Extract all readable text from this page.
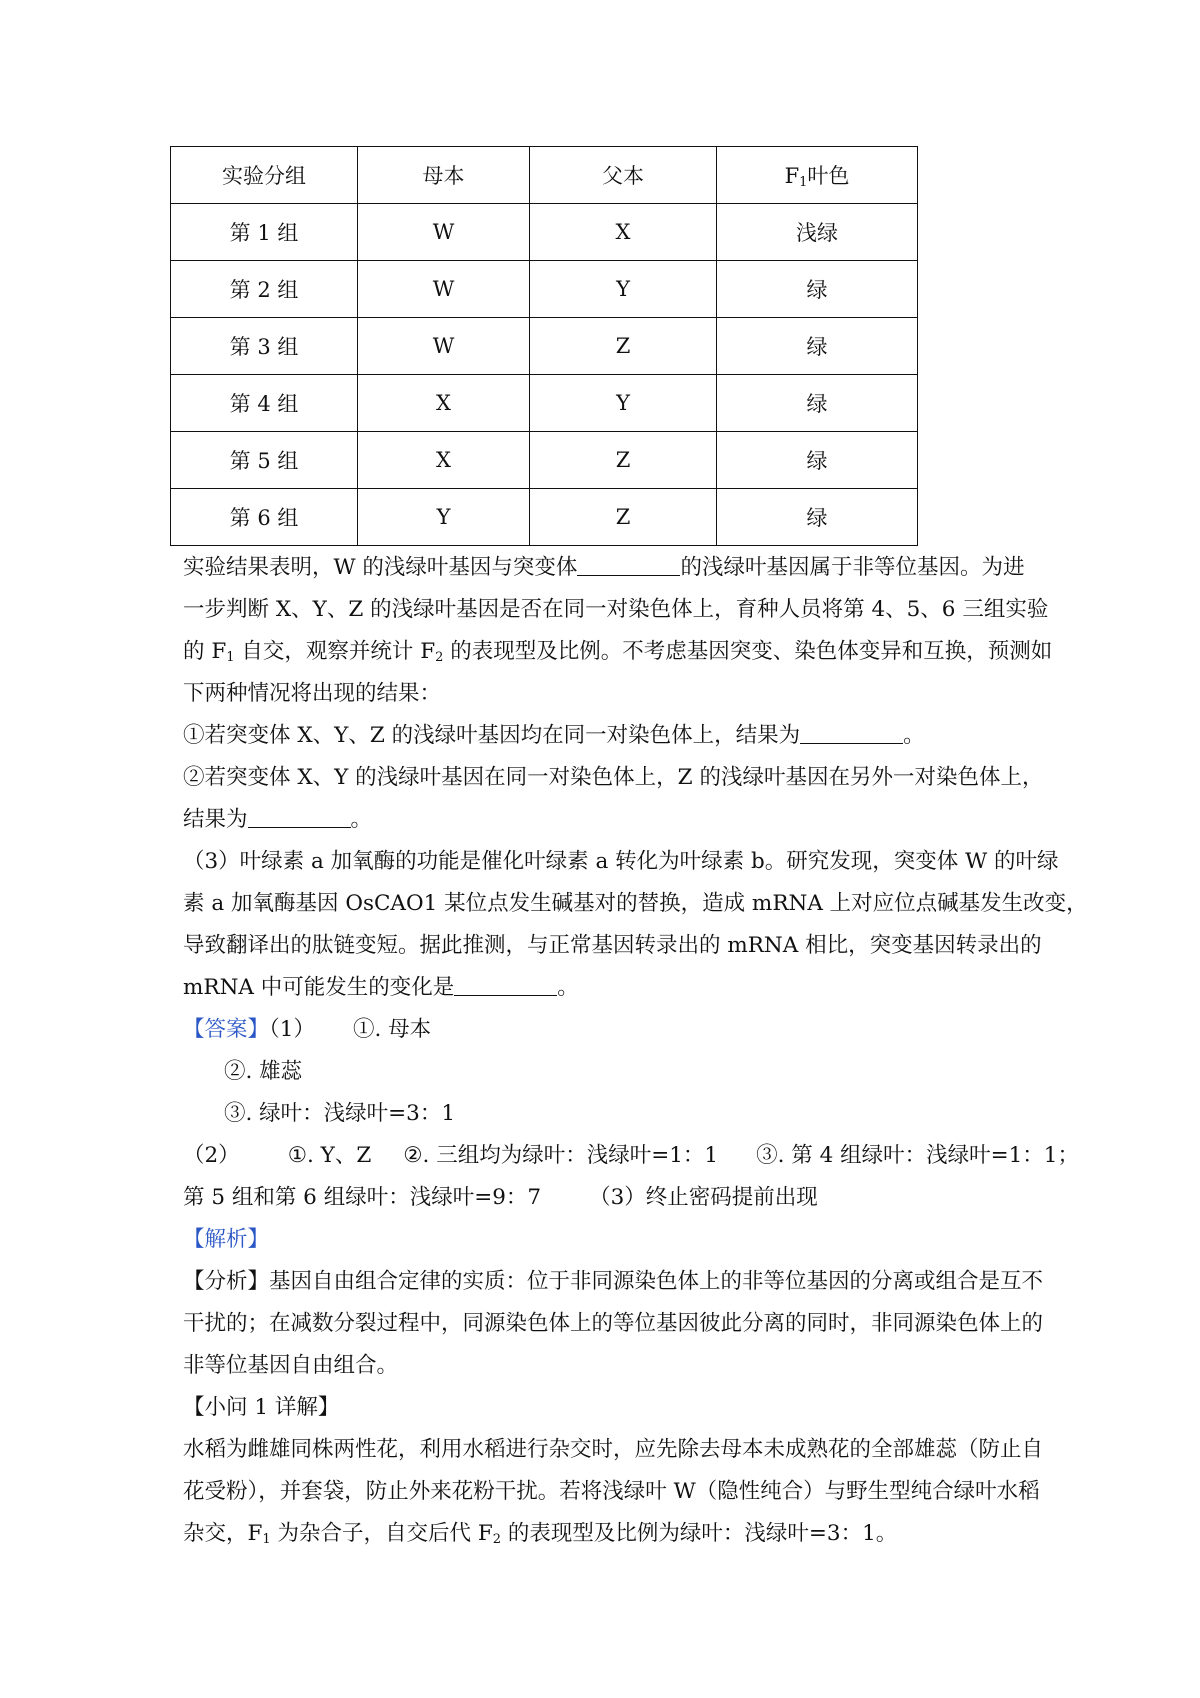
实验分组	母本	父本	$F_1$叶色
第 1 组	W	X	浅绿
第 2 组	W	Y	绿
第 3 组	W	Z	绿
第 4 组	X	Y	绿
第 5 组	X	Z	绿
第 6 组	Y	Z	绿
实验结果表明，W 的浅绿叶基因与突变体	的浅绿叶基因属于非等位基因。为进
一步判断 X、Y、Z 的浅绿叶基因是否在同一对染色体上，育种人员将第 4、5、6 三组实验
的 $F_1$ 自交，观察并统计 $F_2$ 的表现型及比例。不考虑基因突变、染色体变异和互换，预测如
下两种情况将出现的结果：
①若突变体 X、Y、Z 的浅绿叶基因均在同一对染色体上，结果为	。
②若突变体 X、Y 的浅绿叶基因在同一对染色体上，Z 的浅绿叶基因在另外一对染色体上，
结果为	。
（3）叶绿素 a 加氧酶的功能是催化叶绿素 a 转化为叶绿素 b。研究发现，突变体 W 的叶绿
素 a 加氧酶基因 OsCAO1 某位点发生碱基对的替换，造成 mRNA 上对应位点碱基发生改变，
导致翻译出的肽链变短。据此推测，与正常基因转录出的 mRNA 相比，突变基因转录出的
mRNA 中可能发生的变化是	。
【答案】（1） ①. 母本
②. 雄蕊
③. 绿叶：浅绿叶=3：1
（2） ①. Y、Z ②. 三组均为绿叶：浅绿叶=1：1 ③. 第 4 组绿叶：浅绿叶=1：1；
第 5 组和第 6 组绿叶：浅绿叶=9：7 （3）终止密码提前出现
【解析】
【分析】基因自由组合定律的实质：位于非同源染色体上的非等位基因的分离或组合是互不
干扰的；在减数分裂过程中，同源染色体上的等位基因彼此分离的同时，非同源染色体上的
非等位基因自由组合。
【小问 1 详解】
水稻为雌雄同株两性花，利用水稻进行杂交时，应先除去母本未成熟花的全部雄蕊（防止自
花受粉），并套袋，防止外来花粉干扰。若将浅绿叶 W（隐性纯合）与野生型纯合绿叶水稻
杂交，$F_1$ 为杂合子，自交后代 $F_2$ 的表现型及比例为绿叶：浅绿叶=3：1。
